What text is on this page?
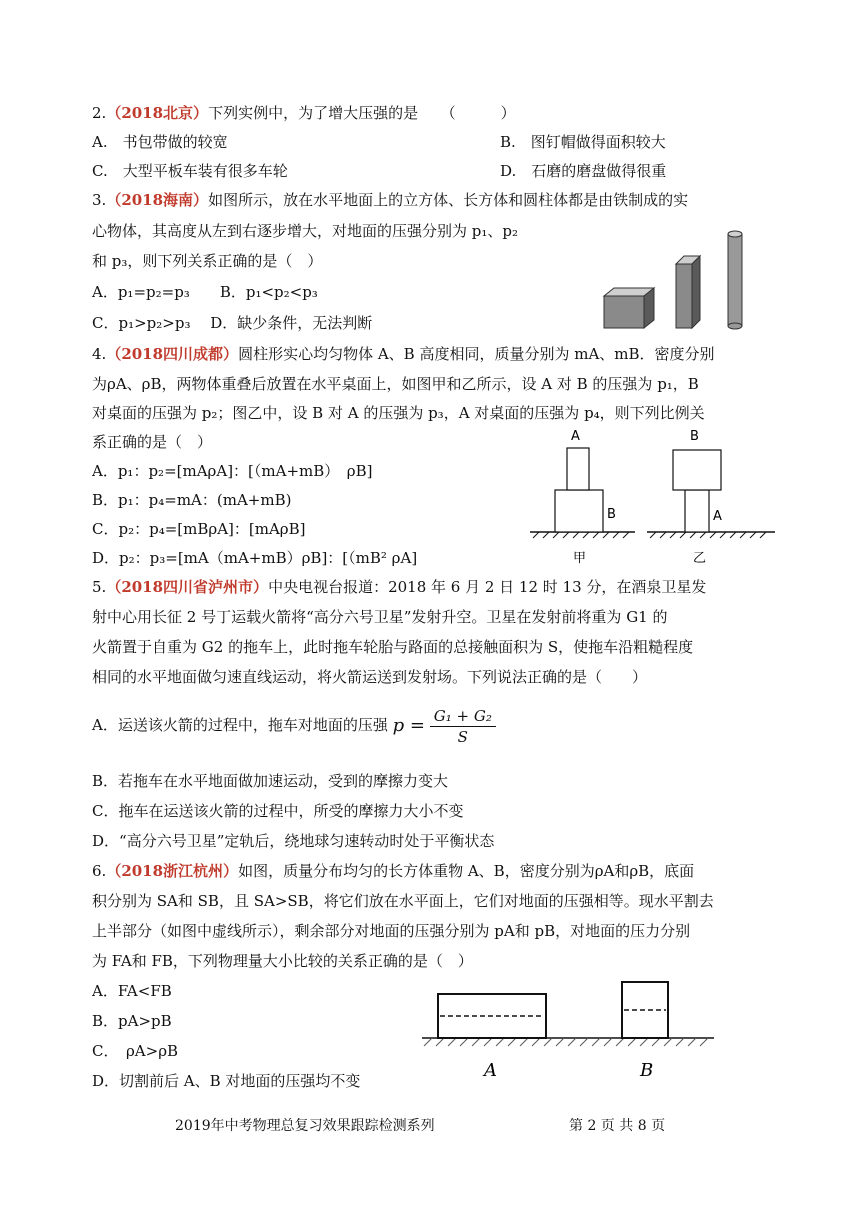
2.（2018北京）下列实例中，为了增大压强的是　　（　　　）
A.　书包带做的较宽	B.　图钉帽做得面积较大
C.　大型平板车装有很多车轮	D.　石磨的磨盘做得很重
3.（2018海南）如图所示，放在水平地面上的立方体、长方体和圆柱体都是由铁制成的实
心物体，其高度从左到右逐步增大，对地面的压强分别为 p₁、p₂
和 p₃，则下列关系正确的是（　）
A．p₁=p₂=p₃　　B．p₁<p₂<p₃
C．p₁>p₂>p₃　 D．缺少条件，无法判断
4.（2018四川成都）圆柱形实心均匀物体 A、B 高度相同，质量分别为 mA、mB．密度分别
为ρA、ρB，两物体重叠后放置在水平桌面上，如图甲和乙所示，设 A 对 B 的压强为 p₁，B
对桌面的压强为 p₂；图乙中，设 B 对 A 的压强为 p₃，A 对桌面的压强为 p₄，则下列比例关
系正确的是（　）
A．p₁：p₂=[mAρA]：[（mA+mB）　ρB]
B．p₁：p₄=mA：(mA+mB)
C．p₂：p₄=[mBρA]：[mAρB]
D．p₂：p₃=[mA（mA+mB）ρB]：[（mB² ρA]
A
B
甲
B
A
乙
5.（2018四川省泸州市）中央电视台报道：2018 年 6 月 2 日 12 时 13 分，在酒泉卫星发
射中心用长征 2 号丁运载火箭将“高分六号卫星”发射升空。卫星在发射前将重为 G1 的
火箭置于自重为 G2 的拖车上，此时拖车轮胎与路面的总接触面积为 S，使拖车沿粗糙程度
相同的水平地面做匀速直线运动，将火箭运送到发射场。下列说法正确的是（　　）
A．运送该火箭的过程中，拖车对地面的压强 $p = \frac{\text{G₁ + G₂}}{S}$
B．若拖车在水平地面做加速运动，受到的摩擦力变大
C．拖车在运送该火箭的过程中，所受的摩擦力大小不变
D．“高分六号卫星”定轨后，绕地球匀速转动时处于平衡状态
6.（2018浙江杭州）如图，质量分布均匀的长方体重物 A、B，密度分别为ρA和ρB，底面
积分别为 SA和 SB，且 SA>SB，将它们放在水平面上，它们对地面的压强相等。现水平割去
上半部分（如图中虚线所示），剩余部分对地面的压强分别为 pA和 pB，对地面的压力分别
为 FA和 FB，下列物理量大小比较的关系正确的是（　）
A．FA<FB
B．pA>pB
C．　ρA>ρB
D．切割前后 A、B 对地面的压强均不变	A	B
2019年中考物理总复习效果跟踪检测系列	第 2 页 共 8 页
